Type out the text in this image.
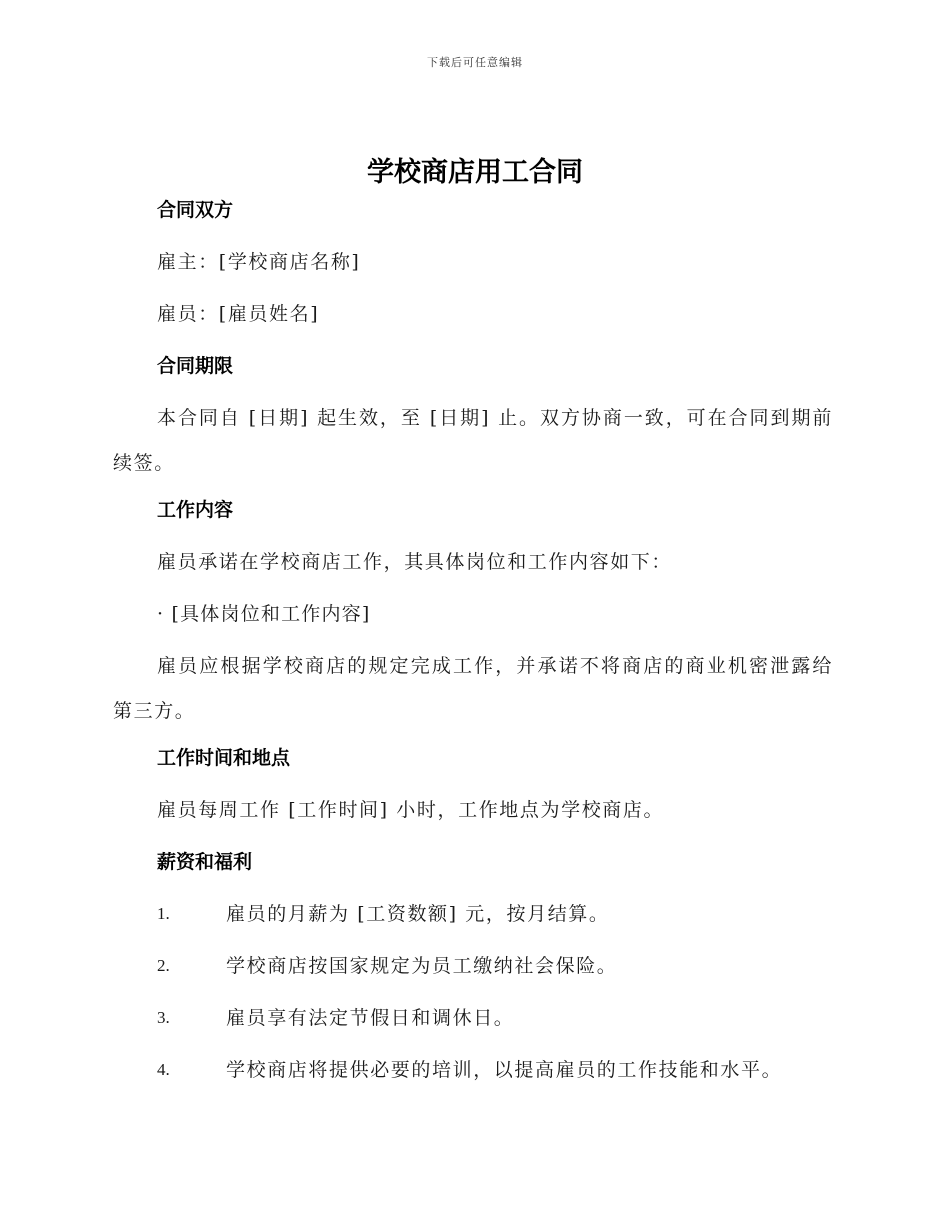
下载后可任意编辑
学校商店用工合同
合同双方

雇主：[学校商店名称]

雇员：[雇员姓名]

合同期限

本合同自 [日期] 起生效，至 [日期] 止。双方协商一致，可在合同到期前续签。

工作内容

雇员承诺在学校商店工作，其具体岗位和工作内容如下：

· [具体岗位和工作内容]

雇员应根据学校商店的规定完成工作，并承诺不将商店的商业机密泄露给第三方。

工作时间和地点

雇员每周工作 [工作时间] 小时，工作地点为学校商店。

薪资和福利
1.	雇员的月薪为 [工资数额] 元，按月结算。
2.	学校商店按国家规定为员工缴纳社会保险。
3.	雇员享有法定节假日和调休日。
4.	学校商店将提供必要的培训，以提高雇员的工作技能和水平。
